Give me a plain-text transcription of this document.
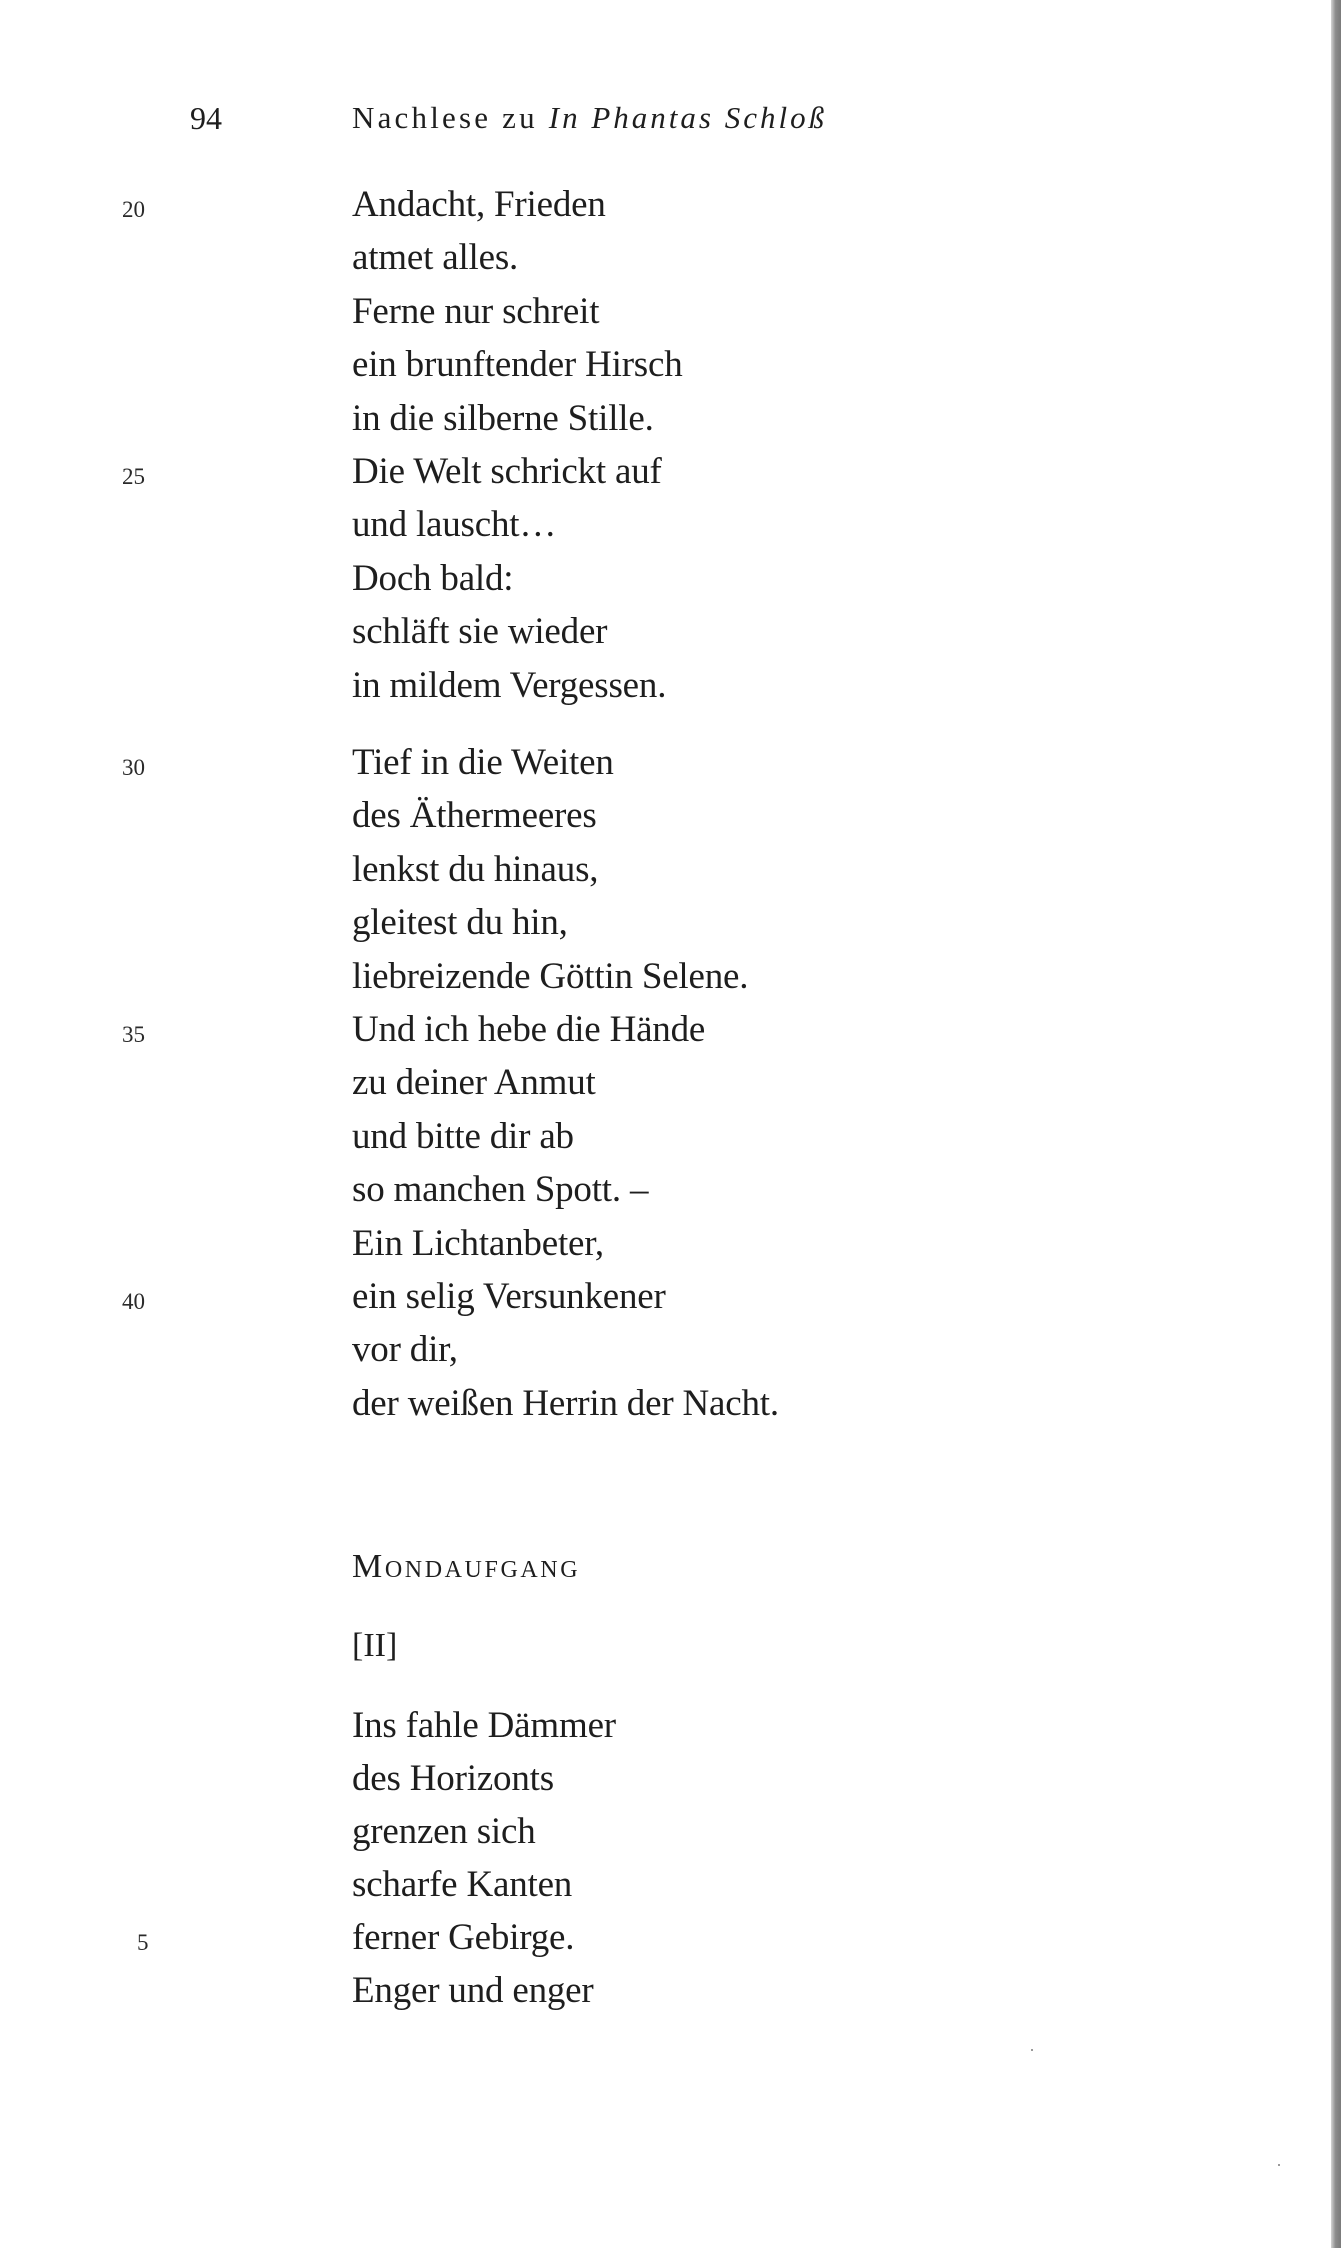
94	Nachlese zu In Phantas Schloß
Andacht, Frieden
20
atmet alles.
Ferne nur schreit
ein brunftender Hirsch
in die silberne Stille.
Die Welt schrickt auf
25
und lauscht…
Doch bald:
schläft sie wieder
in mildem Vergessen.
Tief in die Weiten
30
des Äthermeeres
lenkst du hinaus,
gleitest du hin,
liebreizende Göttin Selene.
Und ich hebe die Hände
35
zu deiner Anmut
und bitte dir ab
so manchen Spott. –
Ein Lichtanbeter,
ein selig Versunkener
40
vor dir,
der weißen Herrin der Nacht.
Mondaufgang
[II]
Ins fahle Dämmer
des Horizonts
grenzen sich
scharfe Kanten
ferner Gebirge.
5
Enger und enger
